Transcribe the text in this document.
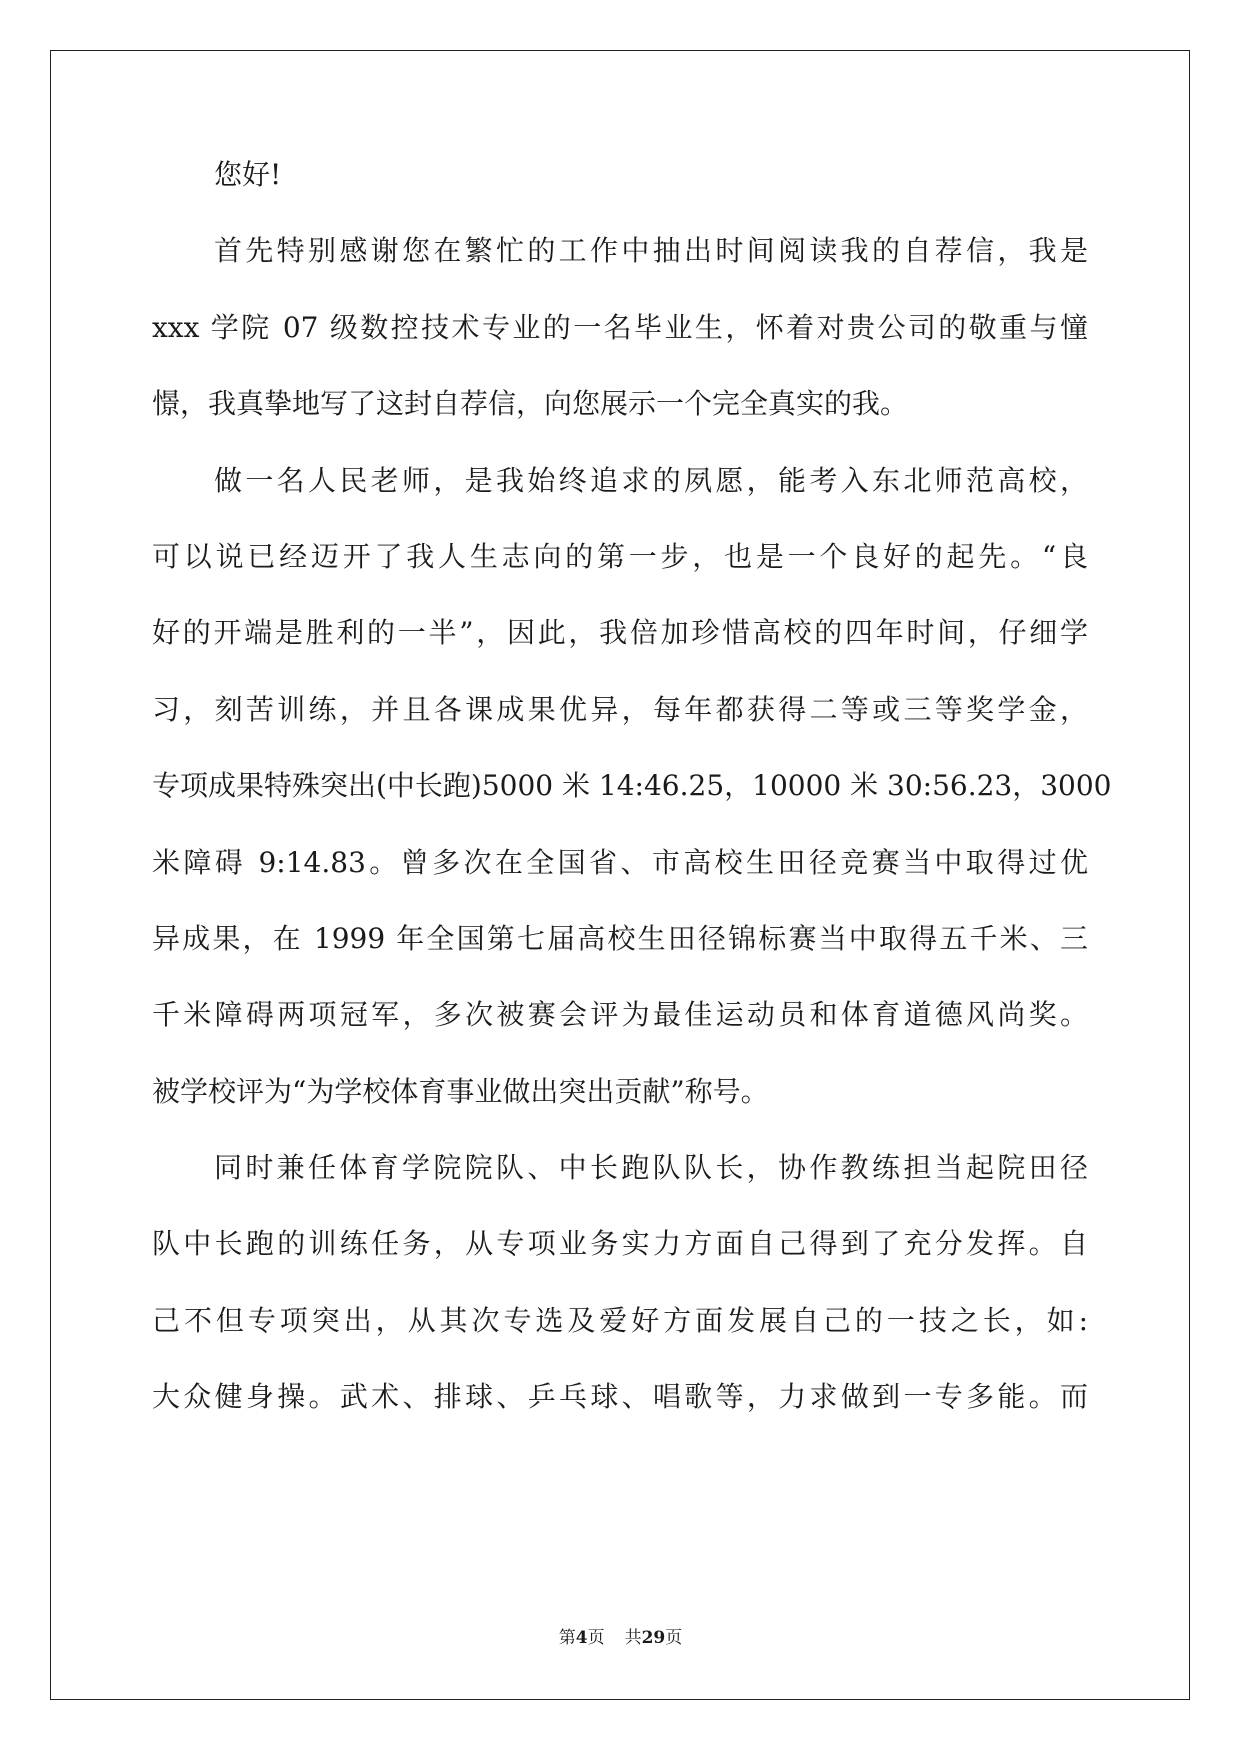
您好!
首先特别感谢您在繁忙的工作中抽出时间阅读我的自荐信，我是
xxx 学院 07 级数控技术专业的一名毕业生，怀着对贵公司的敬重与憧
憬，我真挚地写了这封自荐信，向您展示一个完全真实的我。
做一名人民老师，是我始终追求的夙愿，能考入东北师范高校，
可以说已经迈开了我人生志向的第一步，也是一个良好的起先。“良
好的开端是胜利的一半”，因此，我倍加珍惜高校的四年时间，仔细学
习，刻苦训练，并且各课成果优异，每年都获得二等或三等奖学金，
专项成果特殊突出(中长跑)5000 米 14:46.25，10000 米 30:56.23，3000
米障碍 9:14.83。曾多次在全国省、市高校生田径竞赛当中取得过优
异成果，在 1999 年全国第七届高校生田径锦标赛当中取得五千米、三
千米障碍两项冠军，多次被赛会评为最佳运动员和体育道德风尚奖。
被学校评为“为学校体育事业做出突出贡献”称号。
同时兼任体育学院院队、中长跑队队长，协作教练担当起院田径
队中长跑的训练任务，从专项业务实力方面自己得到了充分发挥。自
己不但专项突出，从其次专选及爱好方面发展自己的一技之长，如:
大众健身操。武术、排球、乒乓球、唱歌等，力求做到一专多能。而
第4页 共29页
